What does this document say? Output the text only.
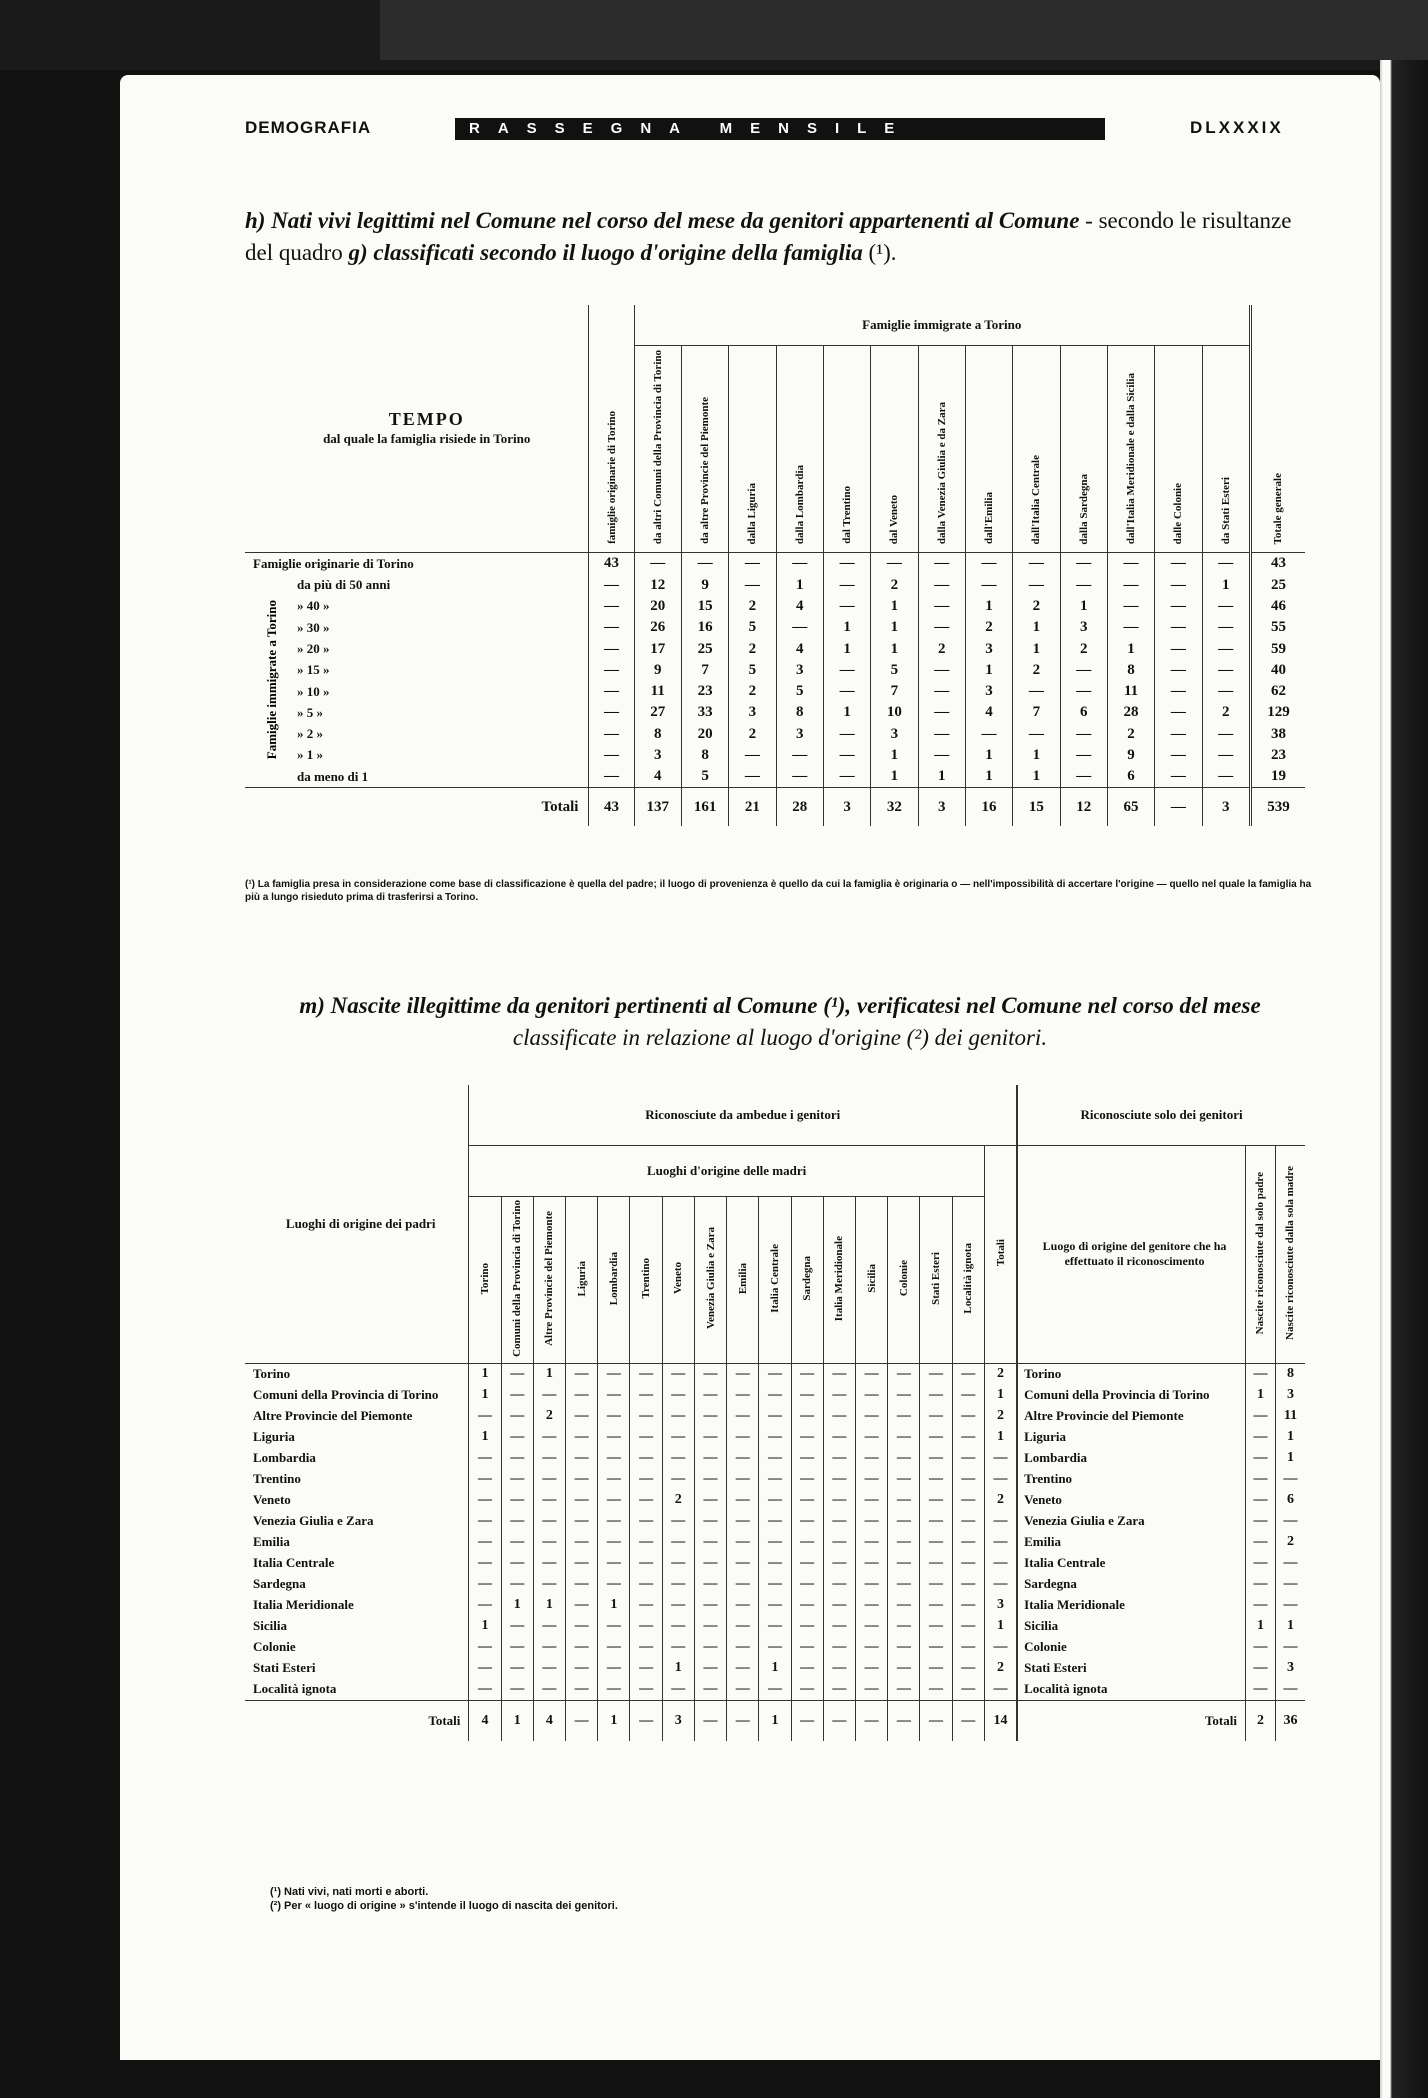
DEMOGRAFIA	RASSEGNA MENSILE	DLXXXIX
h) Nati vivi legittimi nel Comune nel corso del mese da genitori appartenenti al Comune - secondo le risultanze del quadro g) classificati secondo il luogo d'origine della famiglia (¹).
TEMPO
dal quale la famiglia risiede in Torino	famiglie originarie di Torino	Famiglie immigrate a Torino													Totale generale
		da altri Comuni della Provincia di Torino	da altre Provincie del Piemonte	dalla Liguria	dalla Lombardia	dal Trentino	dal Veneto	dalla Venezia Giulia e da Zara	dall'Emilia	dall'Italia Centrale	dalla Sardegna	dall'Italia Meridionale e dalla Sicilia	dalle Colonie	da Stati Esteri	
Famiglie originarie di Torino	43	—	—	—	—	—	—	—	—	—	—	—	—	—	43
da più di 50 anni	—	12	9	—	1	—	2	—	—	—	—	—	—	1	25
» 40 »	—	20	15	2	4	—	1	—	1	2	1	—	—	—	46
» 30 »	—	26	16	5	—	1	1	—	2	1	3	—	—	—	55
» 20 »	—	17	25	2	4	1	1	2	3	1	2	1	—	—	59
» 15 »	—	9	7	5	3	—	5	—	1	2	—	8	—	—	40
» 10 »	—	11	23	2	5	—	7	—	3	—	—	11	—	—	62
» 5 »	—	27	33	3	8	1	10	—	4	7	6	28	—	2	129
» 2 »	—	8	20	2	3	—	3	—	—	—	—	2	—	—	38
» 1 »	—	3	8	—	—	—	1	—	1	1	—	9	—	—	23
da meno di 1	—	4	5	—	—	—	1	1	1	1	—	6	—	—	19
Totali	43	137	161	21	28	3	32	3	16	15	12	65	—	3	539
Famiglie immigrate a Torino
(¹) La famiglia presa in considerazione come base di classificazione è quella del padre; il luogo di provenienza è quello da cui la famiglia è originaria o — nell'impossibilità di accertare l'origine — quello nel quale la famiglia ha più a lungo risieduto prima di trasferirsi a Torino.
m) Nascite illegittime da genitori pertinenti al Comune (¹), verificatesi nel Comune nel corso del mese
classificate in relazione al luogo d'origine (²) dei genitori.
Luoghi di origine dei padri	Riconosciute da ambedue i genitori																	Riconosciute solo dei genitori		
	Luoghi d'origine delle madri																Totali	Luogo di origine del genitore che ha effettuato il riconoscimento	Nascite riconosciute dal solo padre	Nascite riconosciute dalla sola madre
	Torino	Comuni della Provincia di Torino	Altre Provincie del Piemonte	Liguria	Lombardia	Trentino	Veneto	Venezia Giulia e Zara	Emilia	Italia Centrale	Sardegna	Italia Meridionale	Sicilia	Colonie	Stati Esteri	Località ignota				
Torino	1	—	1	—	—	—	—	—	—	—	—	—	—	—	—	—	2	Torino	—	8
Comuni della Provincia di Torino	1	—	—	—	—	—	—	—	—	—	—	—	—	—	—	—	1	Comuni della Provincia di Torino	1	3
Altre Provincie del Piemonte	—	—	2	—	—	—	—	—	—	—	—	—	—	—	—	—	2	Altre Provincie del Piemonte	—	11
Liguria	1	—	—	—	—	—	—	—	—	—	—	—	—	—	—	—	1	Liguria	—	1
Lombardia	—	—	—	—	—	—	—	—	—	—	—	—	—	—	—	—	—	Lombardia	—	1
Trentino	—	—	—	—	—	—	—	—	—	—	—	—	—	—	—	—	—	Trentino	—	—
Veneto	—	—	—	—	—	—	2	—	—	—	—	—	—	—	—	—	2	Veneto	—	6
Venezia Giulia e Zara	—	—	—	—	—	—	—	—	—	—	—	—	—	—	—	—	—	Venezia Giulia e Zara	—	—
Emilia	—	—	—	—	—	—	—	—	—	—	—	—	—	—	—	—	—	Emilia	—	2
Italia Centrale	—	—	—	—	—	—	—	—	—	—	—	—	—	—	—	—	—	Italia Centrale	—	—
Sardegna	—	—	—	—	—	—	—	—	—	—	—	—	—	—	—	—	—	Sardegna	—	—
Italia Meridionale	—	1	1	—	1	—	—	—	—	—	—	—	—	—	—	—	3	Italia Meridionale	—	—
Sicilia	1	—	—	—	—	—	—	—	—	—	—	—	—	—	—	—	1	Sicilia	1	1
Colonie	—	—	—	—	—	—	—	—	—	—	—	—	—	—	—	—	—	Colonie	—	—
Stati Esteri	—	—	—	—	—	—	1	—	—	1	—	—	—	—	—	—	2	Stati Esteri	—	3
Località ignota	—	—	—	—	—	—	—	—	—	—	—	—	—	—	—	—	—	Località ignota	—	—
Totali	4	1	4	—	1	—	3	—	—	1	—	—	—	—	—	—	14	Totali	2	36
(¹) Nati vivi, nati morti e aborti.
(²) Per « luogo di origine » s'intende il luogo di nascita dei genitori.
